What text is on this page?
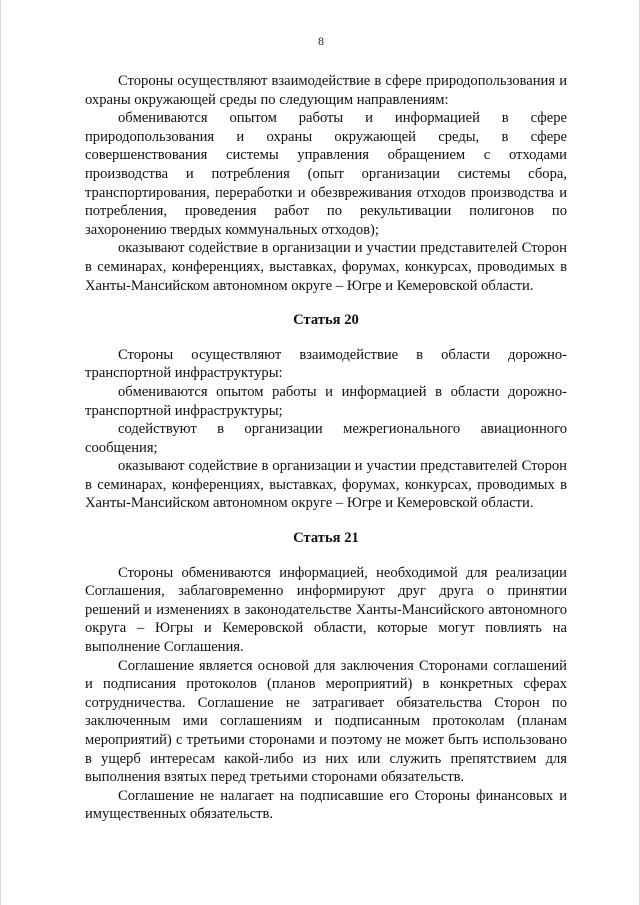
8

Стороны осуществляют взаимодействие в сфере природопользования и охраны окружающей среды по следующим направлениям:

обмениваются опытом работы и информацией в сфере природопользования и охраны окружающей среды, в сфере совершенствования системы управления обращением с отходами производства и потребления (опыт организации системы сбора, транспортирования, переработки и обезвреживания отходов производства и потребления, проведения работ по рекультивации полигонов по захоронению твердых коммунальных отходов);

оказывают содействие в организации и участии представителей Сторон в семинарах, конференциях, выставках, форумах, конкурсах, проводимых в Ханты-Мансийском автономном округе – Югре и Кемеровской области.

Статья 20

Стороны осуществляют взаимодействие в области дорожно-транспортной инфраструктуры:

обмениваются опытом работы и информацией в области дорожно-транспортной инфраструктуры;

содействуют в организации межрегионального авиационного сообщения;

оказывают содействие в организации и участии представителей Сторон в семинарах, конференциях, выставках, форумах, конкурсах, проводимых в Ханты-Мансийском автономном округе – Югре и Кемеровской области.

Статья 21

Стороны обмениваются информацией, необходимой для реализации Соглашения, заблаговременно информируют друг друга о принятии решений и изменениях в законодательстве Ханты-Мансийского автономного округа – Югры и Кемеровской области, которые могут повлиять на выполнение Соглашения.

Соглашение является основой для заключения Сторонами соглашений и подписания протоколов (планов мероприятий) в конкретных сферах сотрудничества. Соглашение не затрагивает обязательства Сторон по заключенным ими соглашениям и подписанным протоколам (планам мероприятий) с третьими сторонами и поэтому не может быть использовано в ущерб интересам какой-либо из них или служить препятствием для выполнения взятых перед третьими сторонами обязательств.

Соглашение не налагает на подписавшие его Стороны финансовых и имущественных обязательств.
